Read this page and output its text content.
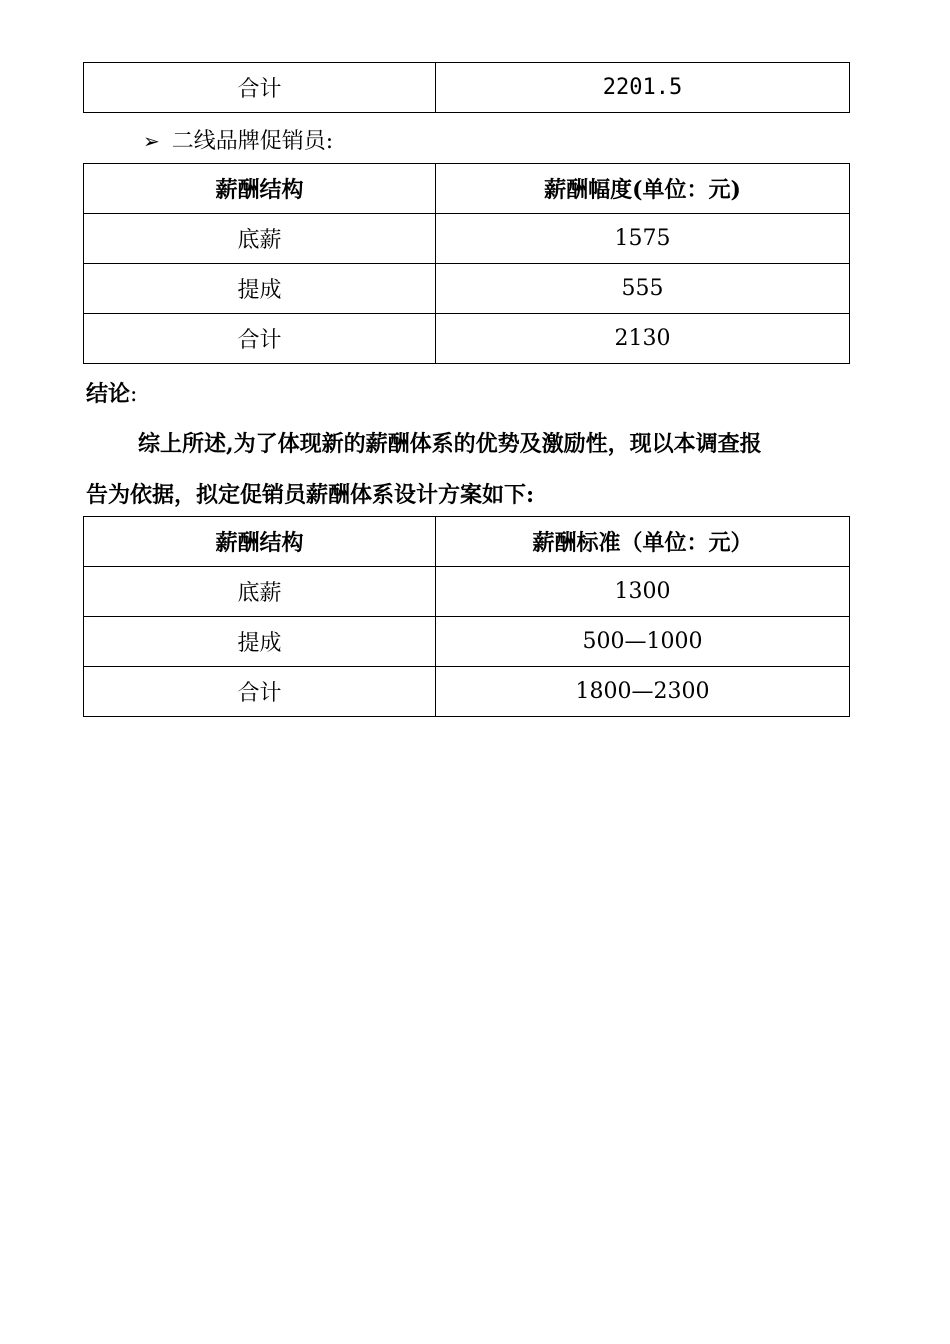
合计	2201.5
➢ 二线品牌促销员:
薪酬结构	薪酬幅度(单位：元)
底薪	1575
提成	555
合计	2130
结论:
综上所述,为了体现新的薪酬体系的优势及激励性，现以本调查报
告为依据，拟定促销员薪酬体系设计方案如下:
薪酬结构	薪酬标准（单位：元）
底薪	1300
提成	500—1000
合计	1800—2300
